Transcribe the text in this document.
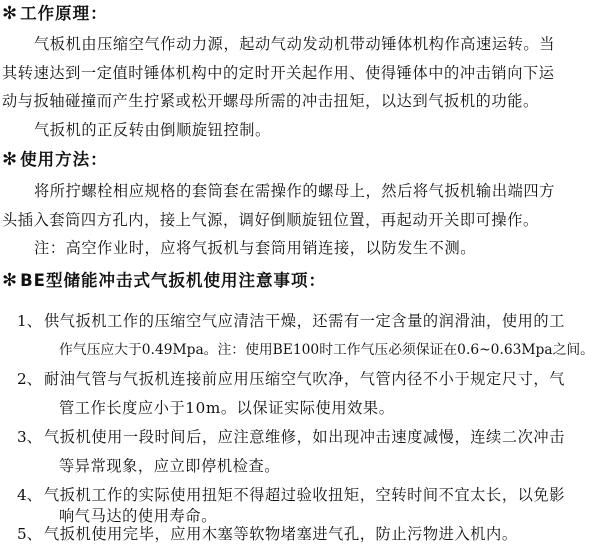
✻ 工作原理：
气板机由压缩空气作动力源，起动气动发动机带动锤体机构作高速运转。当
其转速达到一定值时锤体机构中的定时开关起作用、使得锤体中的冲击销向下运
动与扳轴碰撞而产生拧紧或松开螺母所需的冲击扭矩，以达到气扳机的功能。
气扳机的正反转由倒顺旋钮控制。
✻ 使用方法：
将所拧螺栓相应规格的套筒套在需操作的螺母上，然后将气扳机输出端四方
头插入套筒四方孔内，接上气源，调好倒顺旋钮位置，再起动开关即可操作。
注：高空作业时，应将气扳机与套筒用销连接，以防发生不测。
✻ BE型储能冲击式气扳机使用注意事项：
1、 供气扳机工作的压缩空气应清洁干燥，还需有一定含量的润滑油，使用的工
作气压应大于0.49Mpa。注：使用BE100时工作气压必须保证在0.6~0.63Mpa之间。
2、 耐油气管与气扳机连接前应用压缩空气吹净，气管内径不小于规定尺寸，气
管工作长度应小于10m。以保证实际使用效果。
3、 气扳机使用一段时间后，应注意维修，如出现冲击速度减慢，连续二次冲击
等异常现象，应立即停机检查。
4、 气扳机工作的实际使用扭矩不得超过验收扭矩，空转时间不宜太长，以免影
响气马达的使用寿命。
5、 气扳机使用完毕，应用木塞等软物堵塞进气孔，防止污物进入机内。
